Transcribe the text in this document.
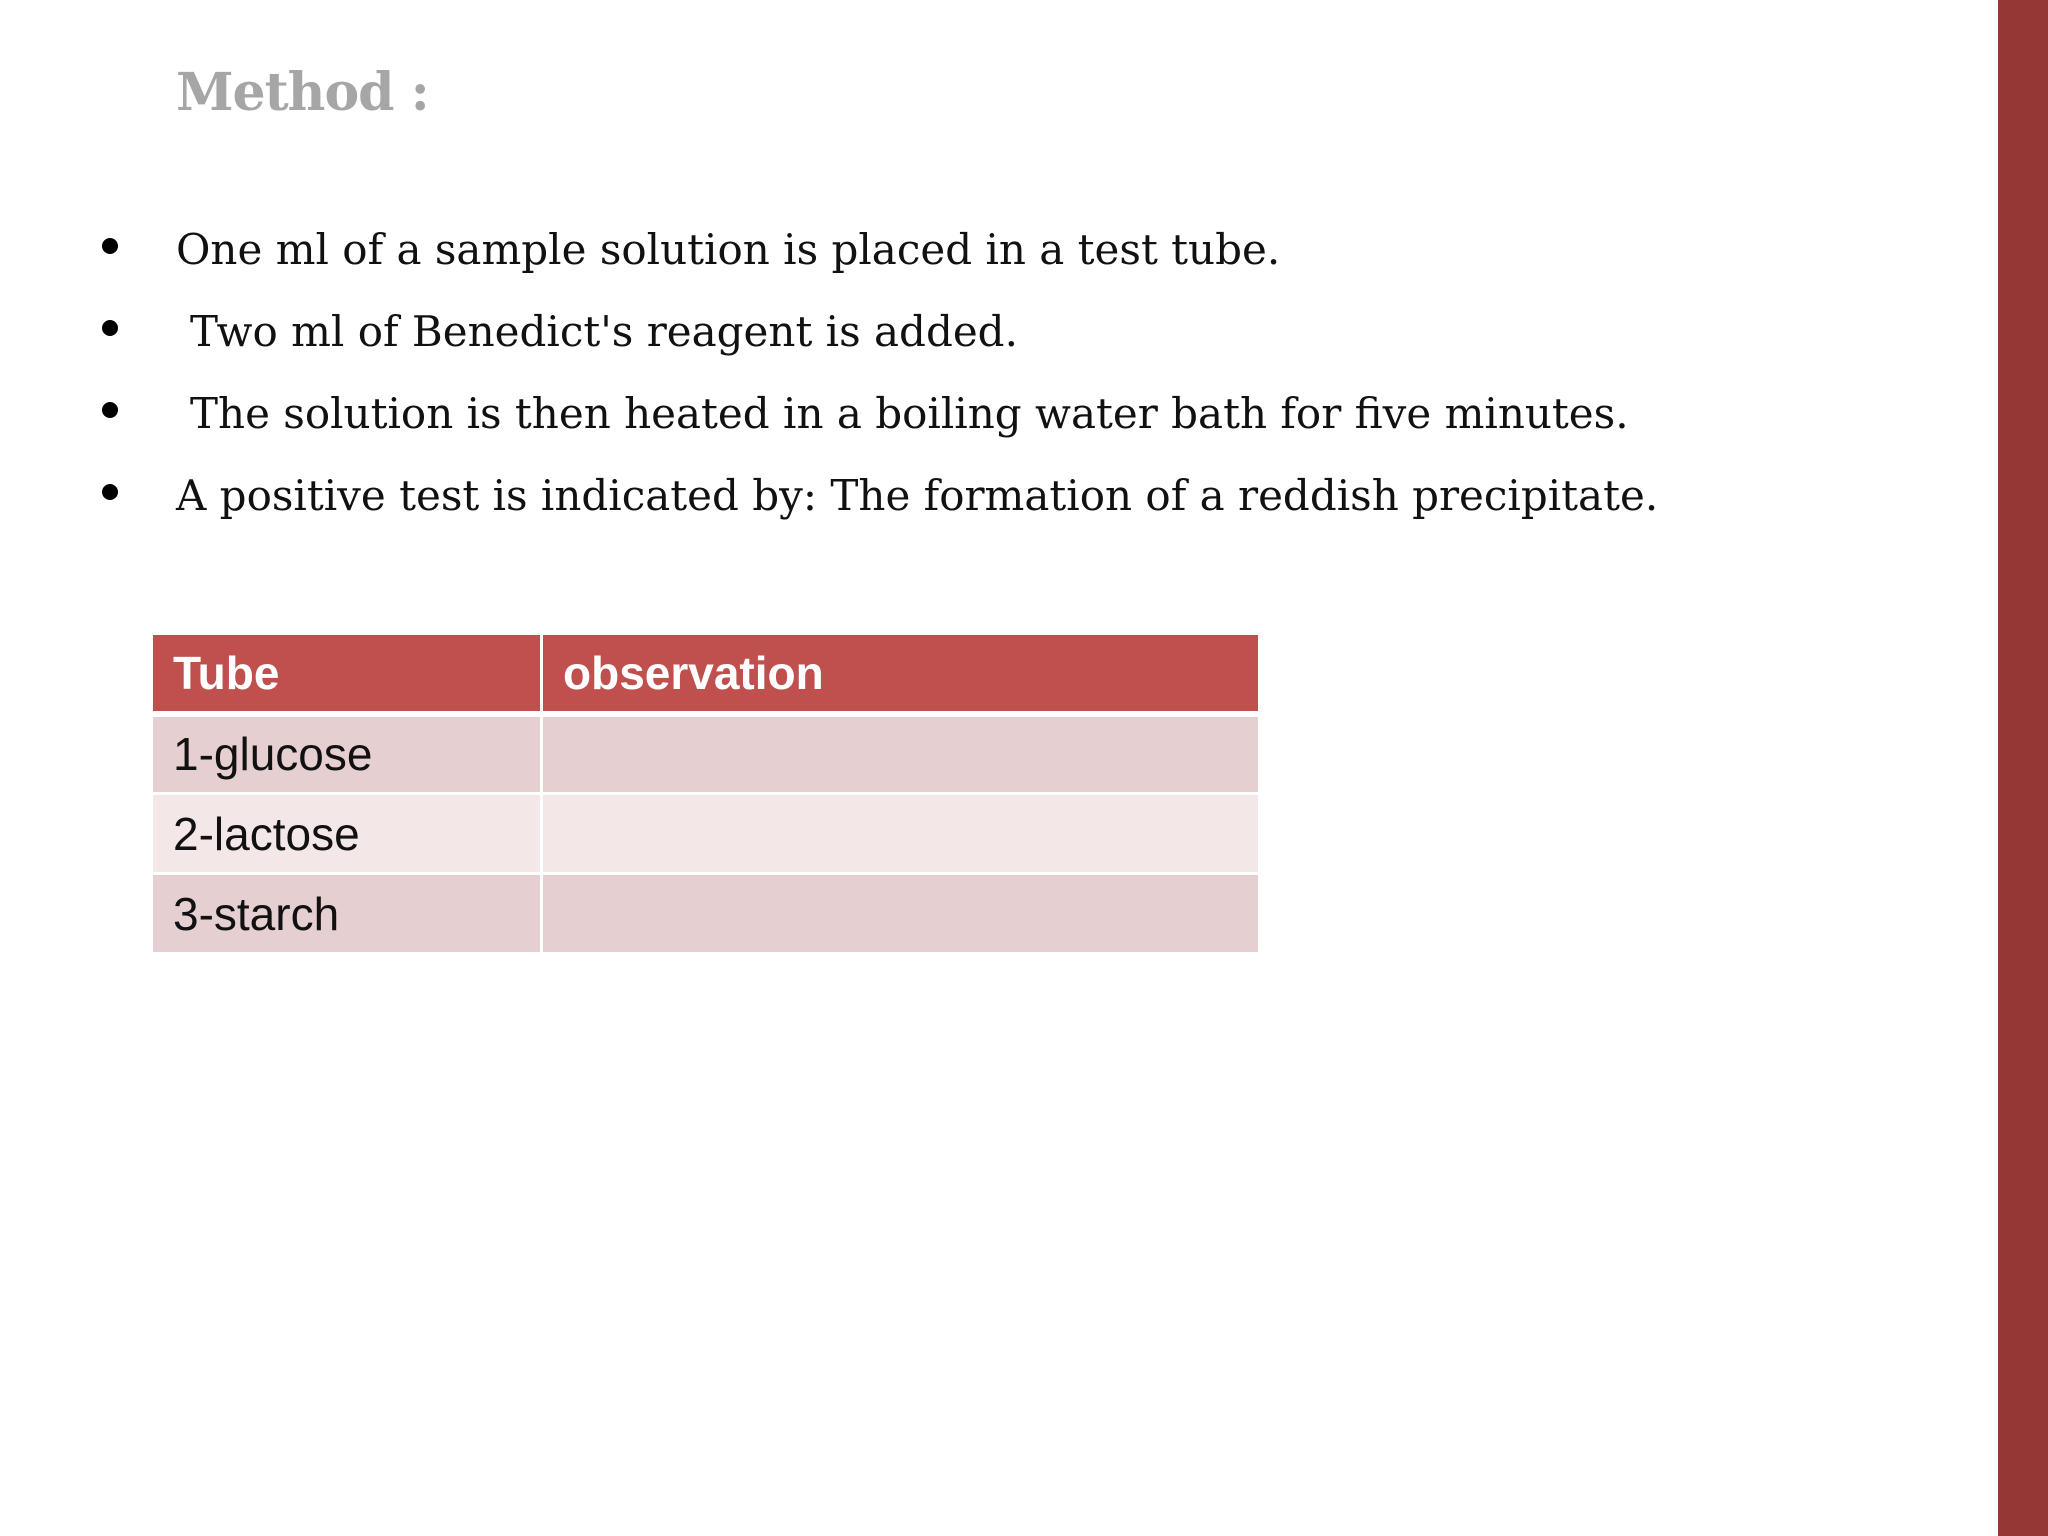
Method :
One ml of a sample solution is placed in a test tube.
Two ml of Benedict's reagent is added.
The solution is then heated in a boiling water bath for five minutes.
A positive test is indicated by: The formation of a reddish precipitate.
Tube	observation
1-glucose	
2-lactose	
3-starch	
